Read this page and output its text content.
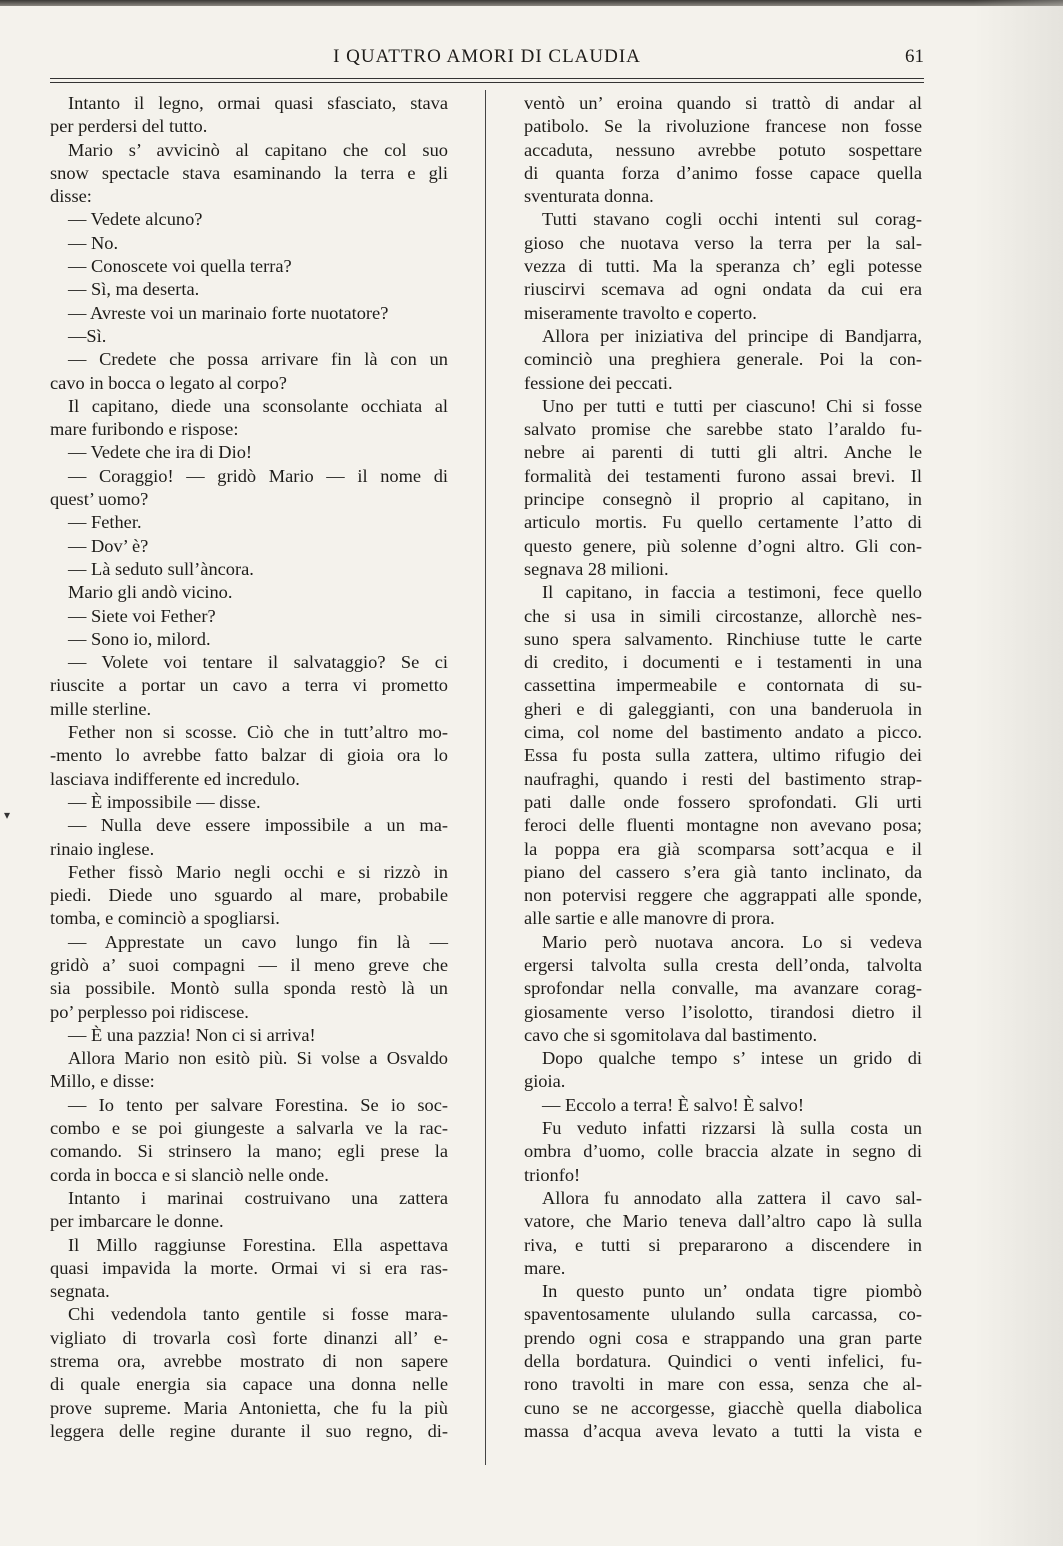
I QUATTRO AMORI DI CLAUDIA	61
Intanto il legno, ormai quasi sfasciato, stava
per perdersi del tutto.
Mario s’ avvicinò al capitano che col suo
snow spectacle stava esaminando la terra e gli
disse:
— Vedete alcuno?
— No.
— Conoscete voi quella terra?
— Sì, ma deserta.
— Avreste voi un marinaio forte nuotatore?
—Sì.
— Credete che possa arrivare fin là con un
cavo in bocca o legato al corpo?
Il capitano, diede una sconsolante occhiata al
mare furibondo e rispose:
— Vedete che ira di Dio!
— Coraggio! — gridò Mario — il nome di
quest’ uomo?
— Fether.
— Dov’ è?
— Là seduto sull’àncora.
Mario gli andò vicino.
— Siete voi Fether?
— Sono io, milord.
— Volete voi tentare il salvataggio? Se ci
riuscite a portar un cavo a terra vi prometto
mille sterline.
Fether non si scosse. Ciò che in tutt’altro mo-
-mento lo avrebbe fatto balzar di gioia ora lo
lasciava indifferente ed incredulo.
— È impossibile — disse.
— Nulla deve essere impossibile a un ma-
rinaio inglese.
Fether fissò Mario negli occhi e si rizzò in
piedi. Diede uno sguardo al mare, probabile
tomba, e cominciò a spogliarsi.
— Apprestate un cavo lungo fin là —
gridò a’ suoi compagni — il meno greve che
sia possibile. Montò sulla sponda restò là un
po’ perplesso poi ridiscese.
— È una pazzia! Non ci si arriva!
Allora Mario non esitò più. Si volse a Osvaldo
Millo, e disse:
— Io tento per salvare Forestina. Se io soc-
combo e se poi giungeste a salvarla ve la rac-
comando. Si strinsero la mano; egli prese la
corda in bocca e si slanciò nelle onde.
Intanto i marinai costruivano una zattera
per imbarcare le donne.
Il Millo raggiunse Forestina. Ella aspettava
quasi impavida la morte. Ormai vi si era ras-
segnata.
Chi vedendola tanto gentile si fosse mara-
vigliato di trovarla così forte dinanzi all’ e-
strema ora, avrebbe mostrato di non sapere
di quale energia sia capace una donna nelle
prove supreme. Maria Antonietta, che fu la più
leggera delle regine durante il suo regno, di-
ventò un’ eroina quando si trattò di andar al
patibolo. Se la rivoluzione francese non fosse
accaduta, nessuno avrebbe potuto sospettare
di quanta forza d’animo fosse capace quella
sventurata donna.
Tutti stavano cogli occhi intenti sul corag-
gioso che nuotava verso la terra per la sal-
vezza di tutti. Ma la speranza ch’ egli potesse
riuscirvi scemava ad ogni ondata da cui era
miseramente travolto e coperto.
Allora per iniziativa del principe di Bandjarra,
cominciò una preghiera generale. Poi la con-
fessione dei peccati.
Uno per tutti e tutti per ciascuno! Chi si fosse
salvato promise che sarebbe stato l’araldo fu-
nebre ai parenti di tutti gli altri. Anche le
formalità dei testamenti furono assai brevi. Il
principe consegnò il proprio al capitano, in
articulo mortis. Fu quello certamente l’atto di
questo genere, più solenne d’ogni altro. Gli con-
segnava 28 milioni.
Il capitano, in faccia a testimoni, fece quello
che si usa in simili circostanze, allorchè nes-
suno spera salvamento. Rinchiuse tutte le carte
di credito, i documenti e i testamenti in una
cassettina impermeabile e contornata di su-
gheri e di galeggianti, con una banderuola in
cima, col nome del bastimento andato a picco.
Essa fu posta sulla zattera, ultimo rifugio dei
naufraghi, quando i resti del bastimento strap-
pati dalle onde fossero sprofondati. Gli urti
feroci delle fluenti montagne non avevano posa;
la poppa era già scomparsa sott’acqua e il
piano del cassero s’era già tanto inclinato, da
non potervisi reggere che aggrappati alle sponde,
alle sartie e alle manovre di prora.
Mario però nuotava ancora. Lo si vedeva
ergersi talvolta sulla cresta dell’onda, talvolta
sprofondar nella convalle, ma avanzare corag-
giosamente verso l’isolotto, tirandosi dietro il
cavo che si sgomitolava dal bastimento.
Dopo qualche tempo s’ intese un grido di
gioia.
— Eccolo a terra! È salvo! È salvo!
Fu veduto infatti rizzarsi là sulla costa un
ombra d’uomo, colle braccia alzate in segno di
trionfo!
Allora fu annodato alla zattera il cavo sal-
vatore, che Mario teneva dall’altro capo là sulla
riva, e tutti si prepararono a discendere in
mare.
In questo punto un’ ondata tigre piombò
spaventosamente ululando sulla carcassa, co-
prendo ogni cosa e strappando una gran parte
della bordatura. Quindici o venti infelici, fu-
rono travolti in mare con essa, senza che al-
cuno se ne accorgesse, giacchè quella diabolica
massa d’acqua aveva levato a tutti la vista e
▾
